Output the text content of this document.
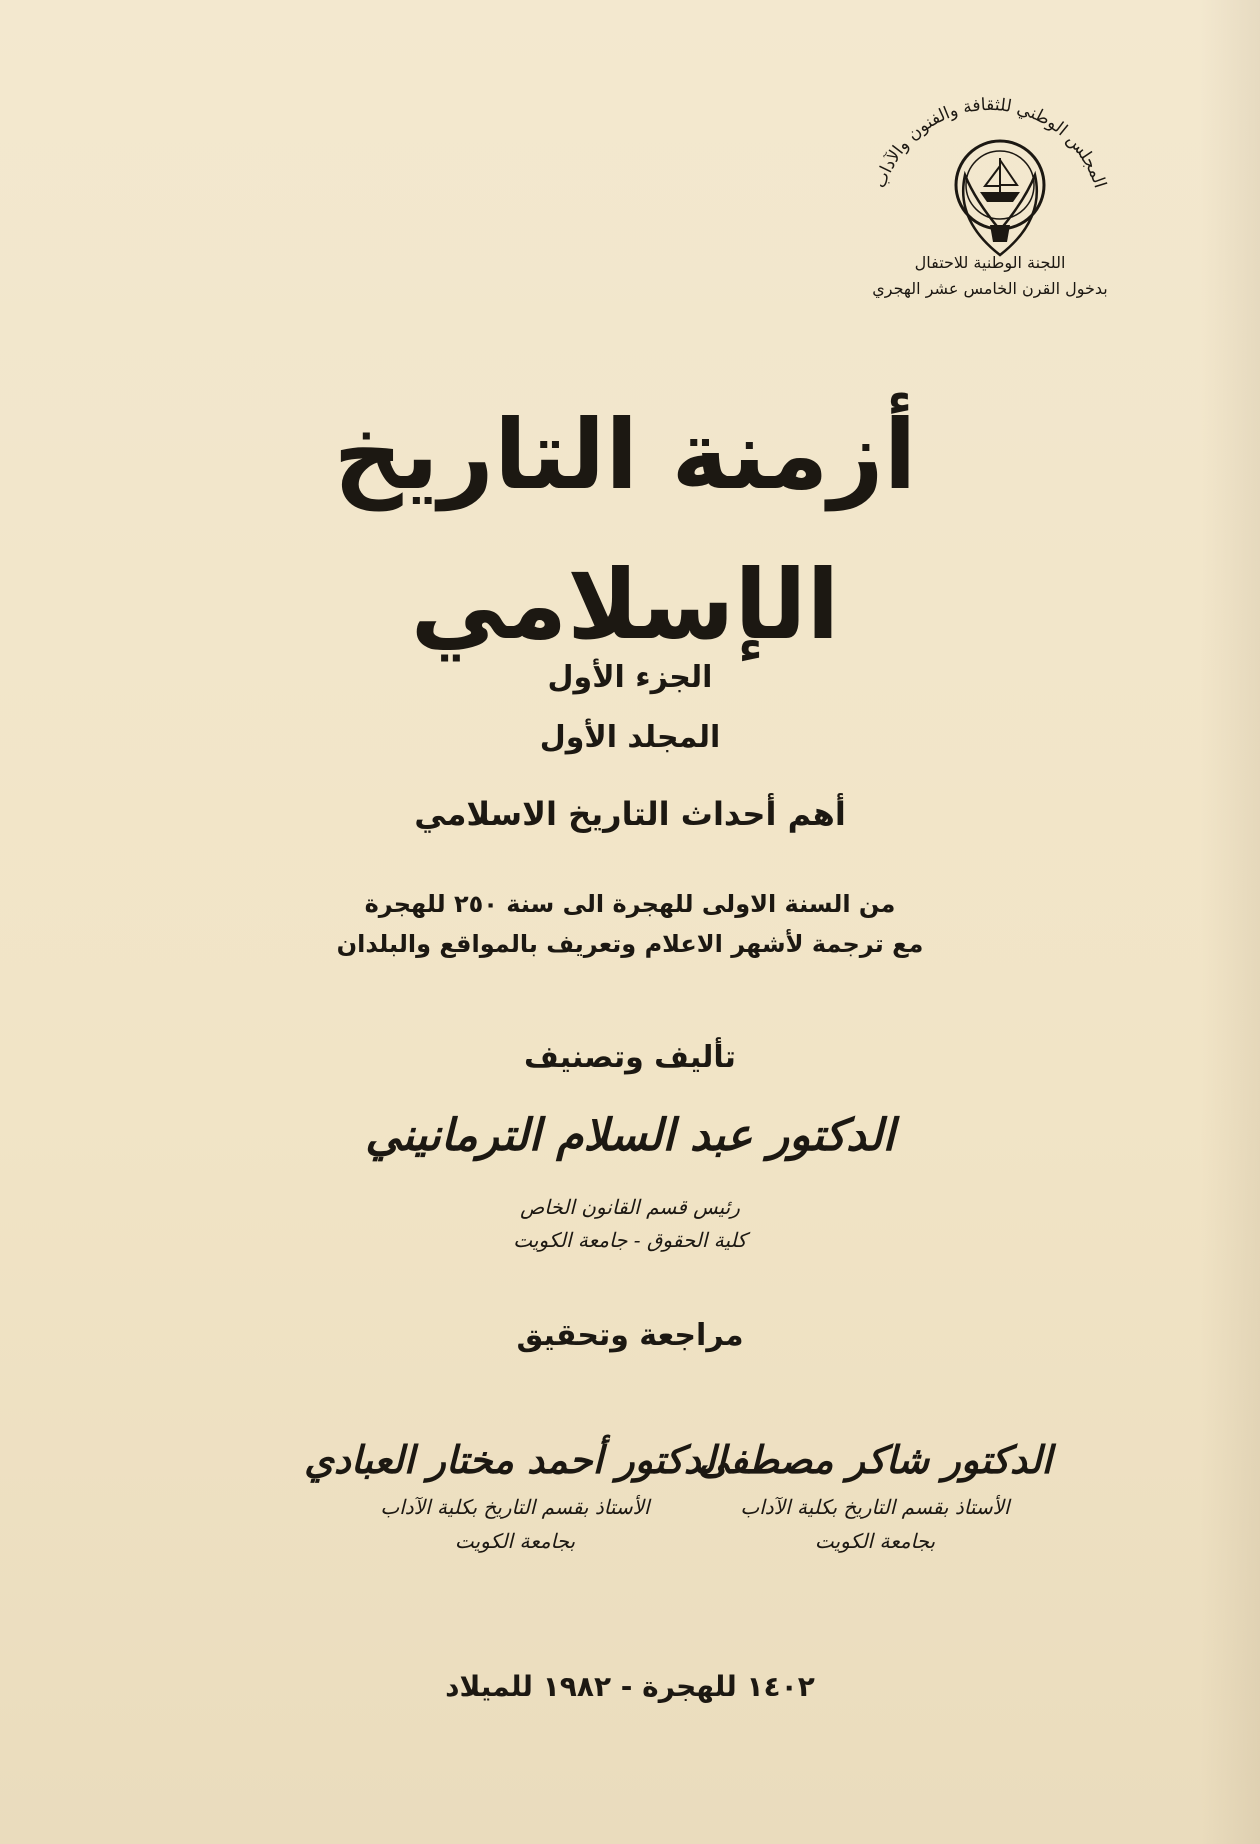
المجلس الوطني للثقافة والفنون والآداب
اللجنة الوطنية للاحتفال
بدخول القرن الخامس عشر الهجري
أزمنة التاريخ الإسلامي
الجزء الأول
المجلد الأول
أهم أحداث التاريخ الاسلامي
من السنة الاولى للهجرة الى سنة ٢٥٠ للهجرة
مع ترجمة لأشهر الاعلام وتعريف بالمواقع والبلدان
تأليف وتصنيف
الدكتور عبد السلام الترمانيني
رئيس قسم القانون الخاص
كلية الحقوق - جامعة الكويت
مراجعة وتحقيق
الدكتور أحمد مختار العبادي
الأستاذ بقسم التاريخ بكلية الآداب
بجامعة الكويت
الدكتور شاكر مصطفى
الأستاذ بقسم التاريخ بكلية الآداب
بجامعة الكويت
١٤٠٢ للهجرة - ١٩٨٢ للميلاد
